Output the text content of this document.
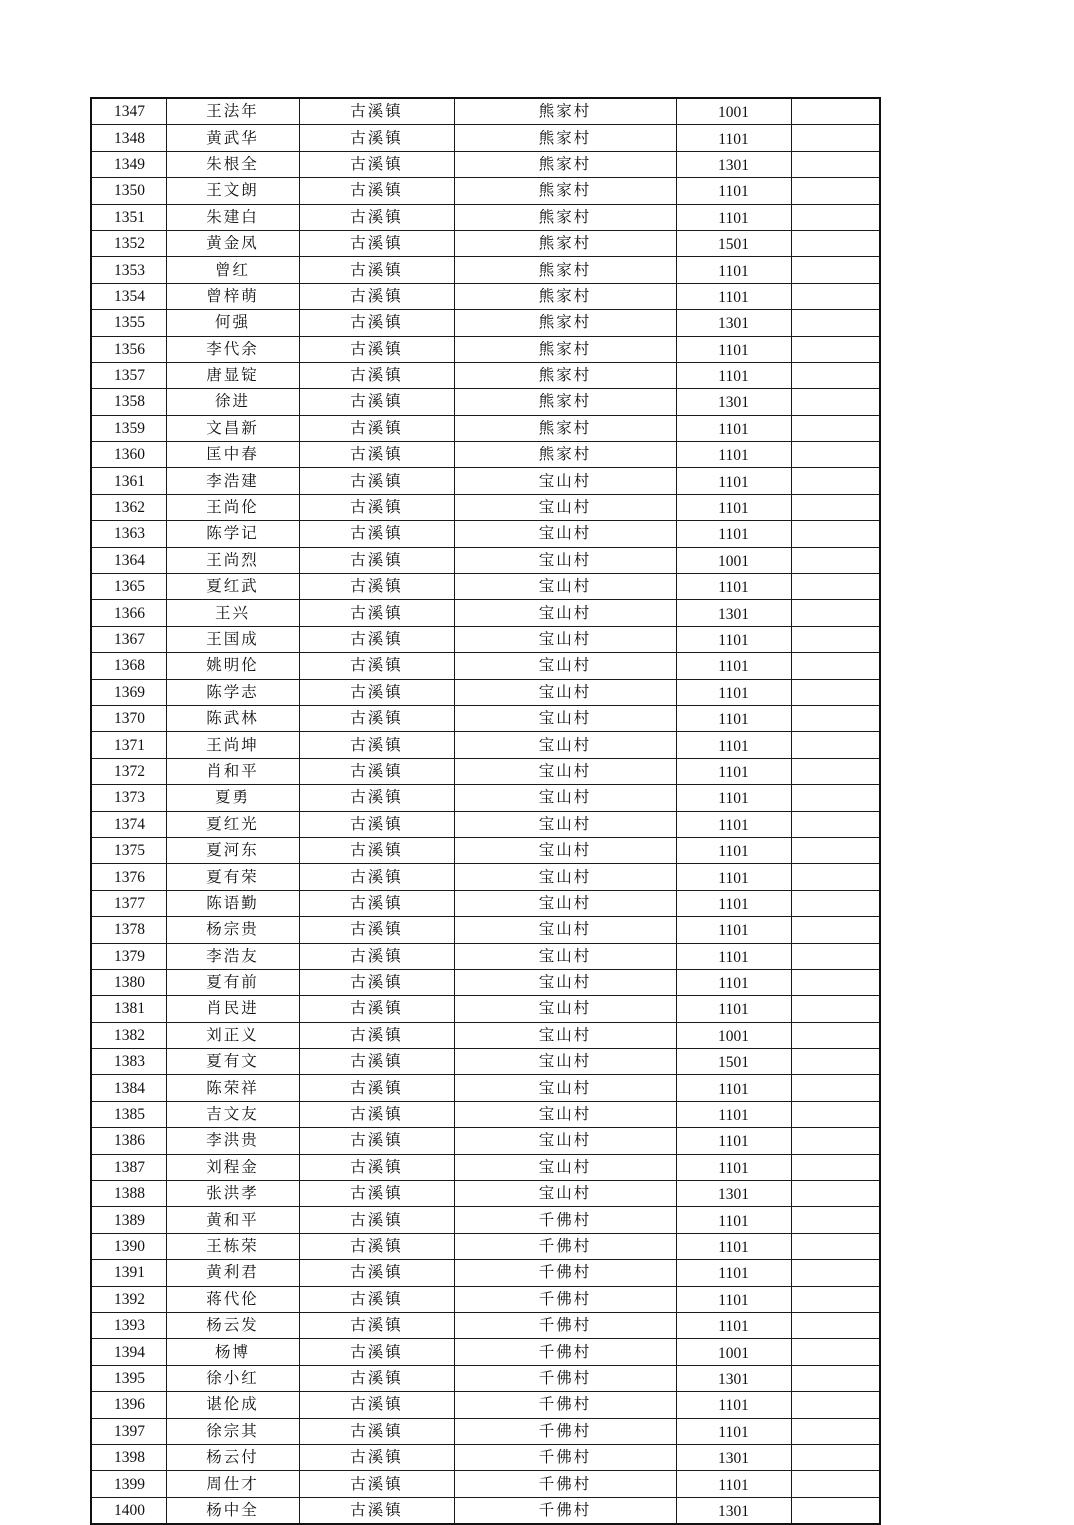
1347	王法年	古溪镇	熊家村	1001	
1348	黄武华	古溪镇	熊家村	1101	
1349	朱根全	古溪镇	熊家村	1301	
1350	王文朗	古溪镇	熊家村	1101	
1351	朱建白	古溪镇	熊家村	1101	
1352	黄金凤	古溪镇	熊家村	1501	
1353	曾红	古溪镇	熊家村	1101	
1354	曾梓萌	古溪镇	熊家村	1101	
1355	何强	古溪镇	熊家村	1301	
1356	李代余	古溪镇	熊家村	1101	
1357	唐显锭	古溪镇	熊家村	1101	
1358	徐进	古溪镇	熊家村	1301	
1359	文昌新	古溪镇	熊家村	1101	
1360	匡中春	古溪镇	熊家村	1101	
1361	李浩建	古溪镇	宝山村	1101	
1362	王尚伦	古溪镇	宝山村	1101	
1363	陈学记	古溪镇	宝山村	1101	
1364	王尚烈	古溪镇	宝山村	1001	
1365	夏红武	古溪镇	宝山村	1101	
1366	王兴	古溪镇	宝山村	1301	
1367	王国成	古溪镇	宝山村	1101	
1368	姚明伦	古溪镇	宝山村	1101	
1369	陈学志	古溪镇	宝山村	1101	
1370	陈武林	古溪镇	宝山村	1101	
1371	王尚坤	古溪镇	宝山村	1101	
1372	肖和平	古溪镇	宝山村	1101	
1373	夏勇	古溪镇	宝山村	1101	
1374	夏红光	古溪镇	宝山村	1101	
1375	夏河东	古溪镇	宝山村	1101	
1376	夏有荣	古溪镇	宝山村	1101	
1377	陈语勤	古溪镇	宝山村	1101	
1378	杨宗贵	古溪镇	宝山村	1101	
1379	李浩友	古溪镇	宝山村	1101	
1380	夏有前	古溪镇	宝山村	1101	
1381	肖民进	古溪镇	宝山村	1101	
1382	刘正义	古溪镇	宝山村	1001	
1383	夏有文	古溪镇	宝山村	1501	
1384	陈荣祥	古溪镇	宝山村	1101	
1385	吉文友	古溪镇	宝山村	1101	
1386	李洪贵	古溪镇	宝山村	1101	
1387	刘程金	古溪镇	宝山村	1101	
1388	张洪孝	古溪镇	宝山村	1301	
1389	黄和平	古溪镇	千佛村	1101	
1390	王栋荣	古溪镇	千佛村	1101	
1391	黄利君	古溪镇	千佛村	1101	
1392	蒋代伦	古溪镇	千佛村	1101	
1393	杨云发	古溪镇	千佛村	1101	
1394	杨博	古溪镇	千佛村	1001	
1395	徐小红	古溪镇	千佛村	1301	
1396	谌伦成	古溪镇	千佛村	1101	
1397	徐宗其	古溪镇	千佛村	1101	
1398	杨云付	古溪镇	千佛村	1301	
1399	周仕才	古溪镇	千佛村	1101	
1400	杨中全	古溪镇	千佛村	1301	
